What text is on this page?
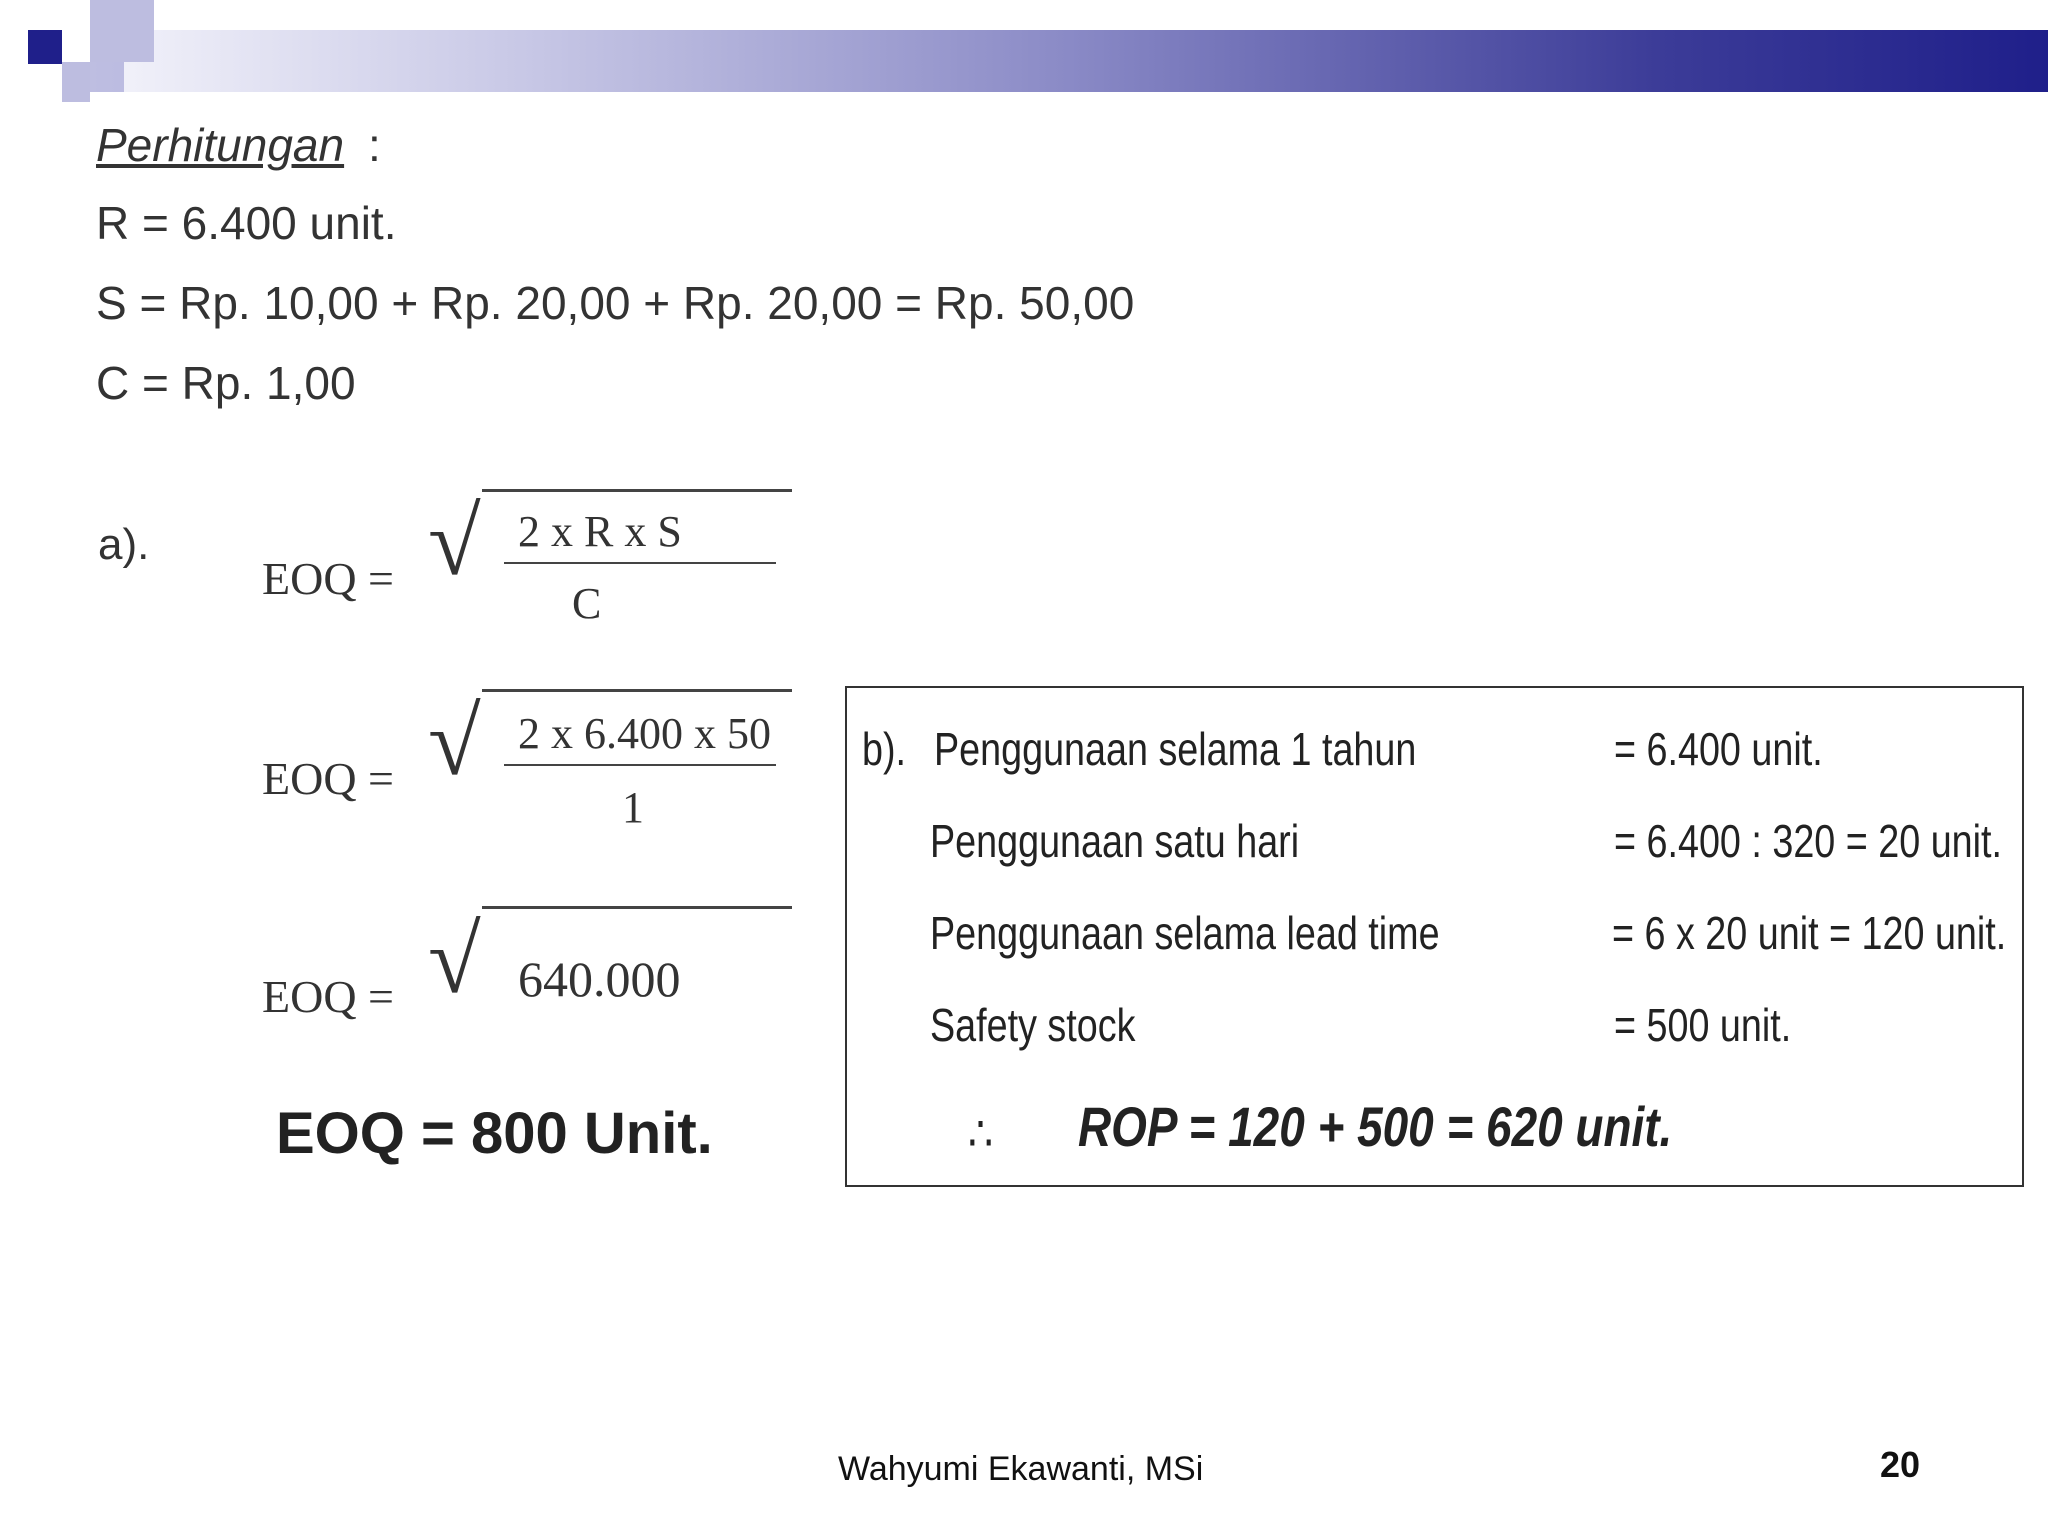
Perhitungan :
R = 6.400 unit.
S = Rp. 10,00 + Rp. 20,00 + Rp. 20,00 = Rp. 50,00
C = Rp. 1,00
a).
EOQ = √ 2 x R x S
C
EOQ = √ 2 x 6.400 x 50
1
EOQ = √ 640.000
EOQ = 800 Unit.
b). Penggunaan selama 1 tahun	= 6.400 unit.
Penggunaan satu hari	= 6.400 : 320 = 20 unit.
Penggunaan selama lead time	= 6 x 20 unit = 120 unit.
Safety stock	= 500 unit.
∴ ROP = 120 + 500 = 620 unit.
Wahyumi Ekawanti, MSi	20
